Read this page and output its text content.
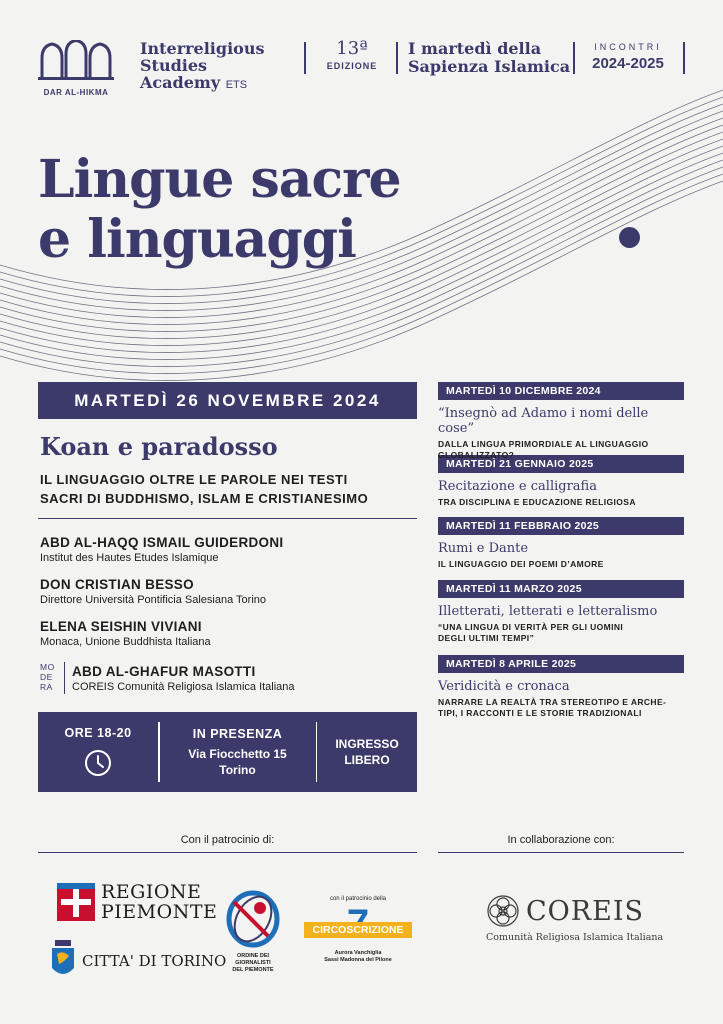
DAR AL-HIKMA
Interreligious
Studies
Academy ETS
13ª
EDIZIONE
I martedì della
Sapienza Islamica
INCONTRI
2024-2025
Lingue sacre
e linguaggi
MARTEDÌ 26 NOVEMBRE 2024
Koan e paradosso
IL LINGUAGGIO OLTRE LE PAROLE NEI TESTI
SACRI DI BUDDHISMO, ISLAM E CRISTIANESIMO
ABD AL-HAQQ ISMAIL GUIDERDONI
Institut des Hautes Etudes Islamique
DON CRISTIAN BESSO
Direttore Università Pontificia Salesiana Torino
ELENA SEISHIN VIVIANI
Monaca, Unione Buddhista Italiana
MO
DE
RA
ABD AL-GHAFUR MASOTTI
COREIS Comunità Religiosa Islamica Italiana
ORE 18-20	IN PRESENZA
Via Fiocchetto 15
Torino
INGRESSO
LIBERO
MARTEDÌ 10 DICEMBRE 2024
“Insegnò ad Adamo i nomi delle cose”
DALLA LINGUA PRIMORDIALE AL LINGUAGGIO
GLOBALIZZATO?
MARTEDÌ 21 GENNAIO 2025
Recitazione e calligrafia
TRA DISCIPLINA E EDUCAZIONE RELIGIOSA
MARTEDÌ 11 FEBBRAIO 2025
Rumi e Dante
IL LINGUAGGIO DEI POEMI D’AMORE
MARTEDÌ 11 MARZO 2025
Illetterati, letterati e letteralismo
“UNA LINGUA DI VERITÀ PER GLI UOMINI
DEGLI ULTIMI TEMPI”
MARTEDÌ 8 APRILE 2025
Veridicità e cronaca
NARRARE LA REALTÀ TRA STEREOTIPO E ARCHE-
TIPI, I RACCONTI E LE STORIE TRADIZIONALI
Con il patrocinio di:	In collaborazione con:
REGIONE
PIEMONTE
CITTA' DI TORINO	ORDINE DEI
GIORNALISTI
DEL PIEMONTE
con il patrocinio della
CIRCOSCRIZIONE
Aurora Vanchiglia
Sassi Madonna del Pilone
COREIS
Comunità Religiosa Islamica Italiana
